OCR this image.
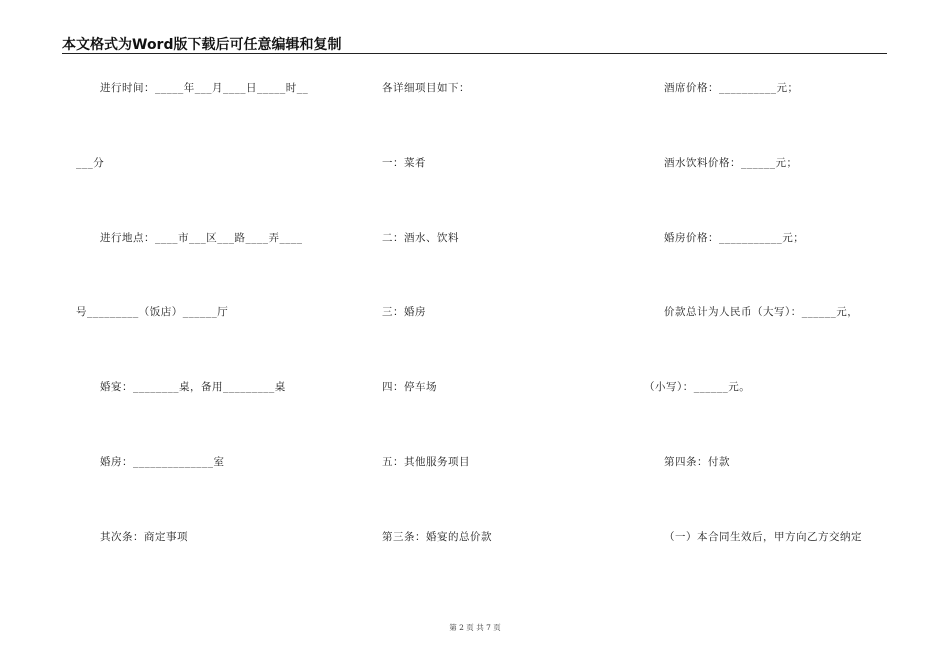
本文格式为Word版下载后可任意编辑和复制
进行时间：_____年___月____日_____时__
___分
进行地点：____市___区___路____弄____
号_________（饭店）______厅
婚宴：________桌，备用_________桌
婚房：______________室
其次条：商定事项
各详细项目如下：
一：菜肴
二：酒水、饮料
三：婚房
四：停车场
五：其他服务项目
第三条：婚宴的总价款
酒席价格：__________元；
酒水饮料价格：______元；
婚房价格：___________元；
价款总计为人民币（大写）：______元，
（小写）：______元。
第四条：付款
（一）本合同生效后，甲方向乙方交纳定
第 2 页 共 7 页
